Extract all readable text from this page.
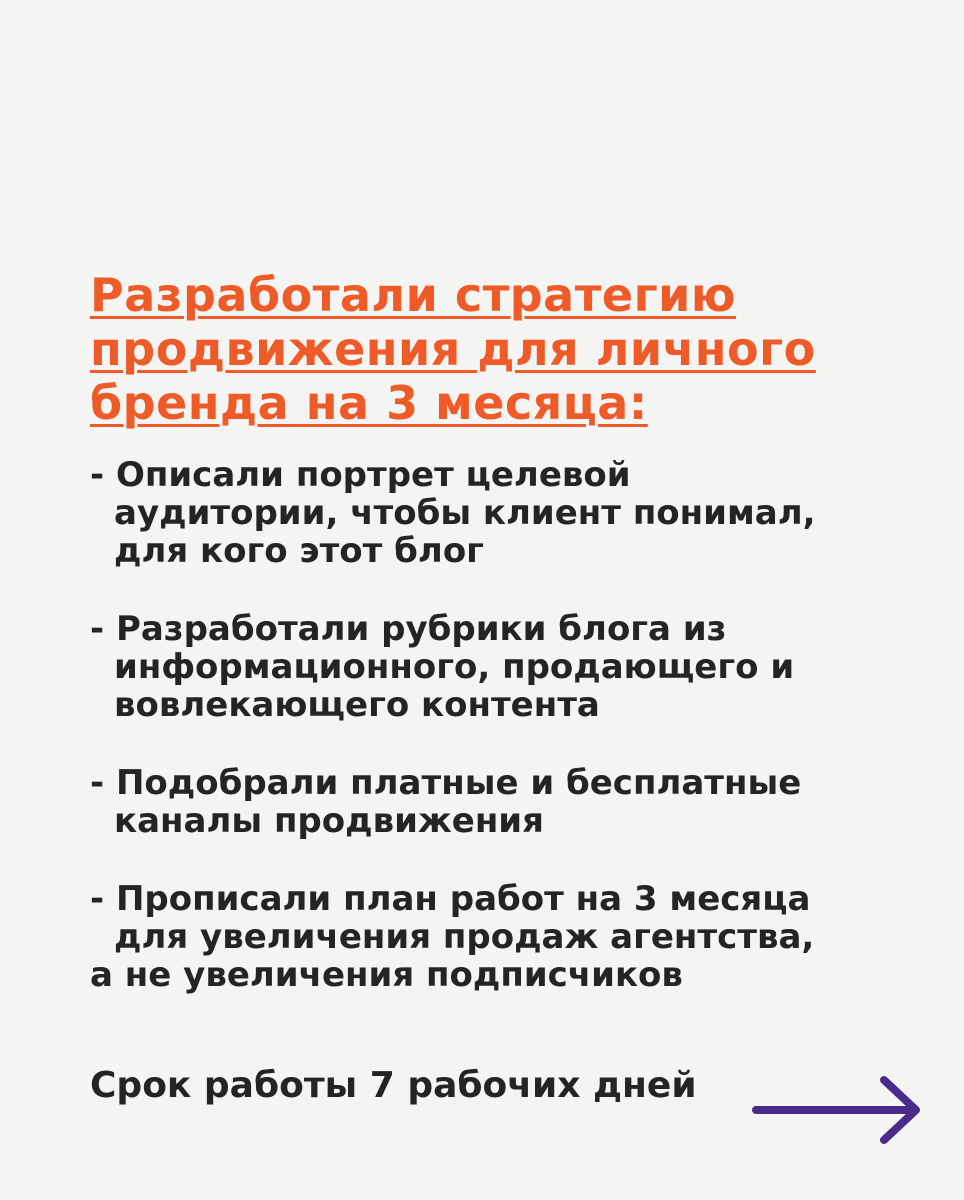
Разработали стратегию
продвижения для личного
бренда на 3 месяца:
- Описали портрет целевой
аудитории, чтобы клиент понимал,
для кого этот блог
- Разработали рубрики блога из
информационного, продающего и
вовлекающего контента
- Подобрали платные и бесплатные
каналы продвижения
- Прописали план работ на 3 месяца
для увеличения продаж агентства,
а не увеличения подписчиков

Срок работы 7 рабочих дней
